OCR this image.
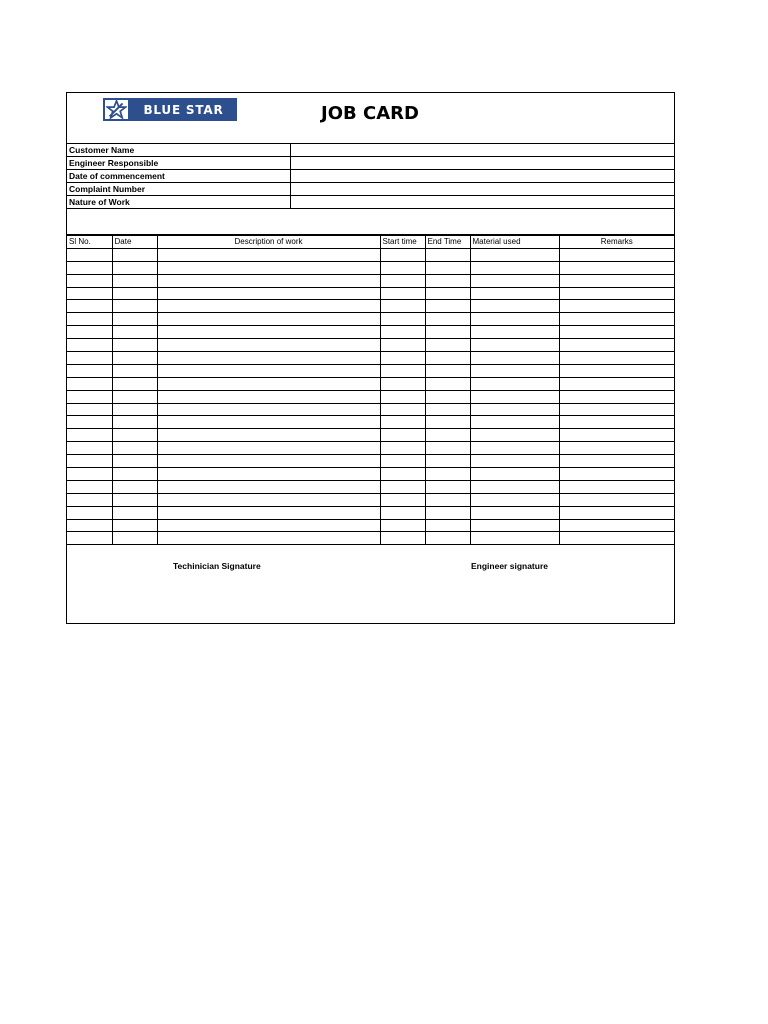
BLUE STAR	JOB CARD
Customer Name
Engineer Responsible
Date of commencement
Complaint Number
Nature of Work
Sl No.	Date	Description of work	Start time	End Time	Material used	Remarks

Techinician Signature	Engineer signature
